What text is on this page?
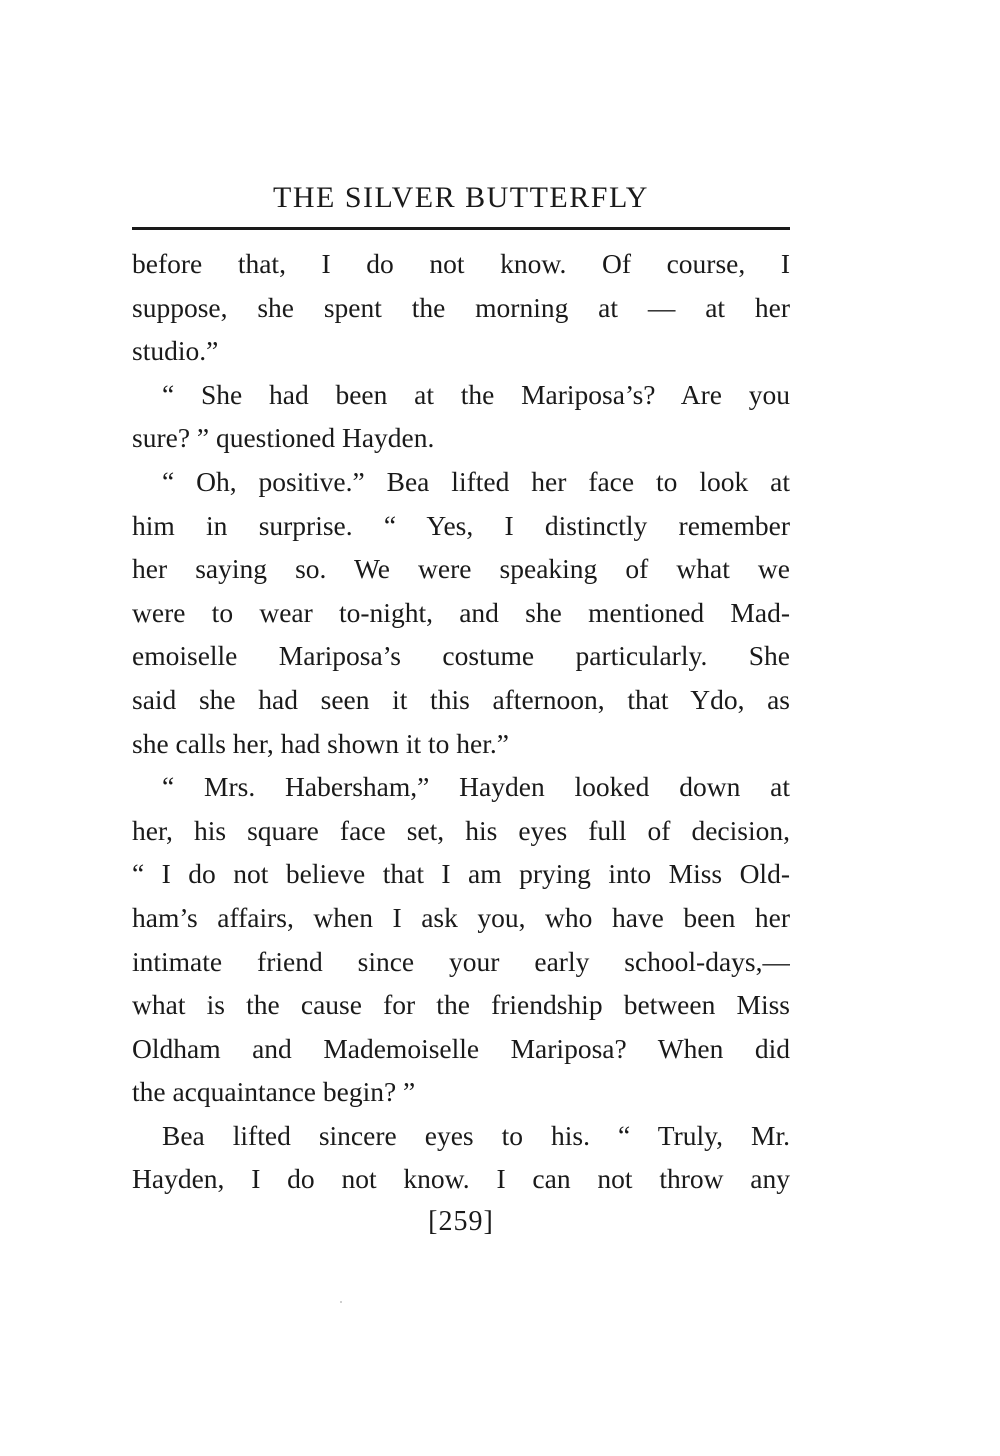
THE SILVER BUTTERFLY
before that, I do not know. Of course, I
suppose, she spent the morning at — at her
studio.”
“ She had been at the Mariposa’s? Are you
sure? ” questioned Hayden.
“ Oh, positive.” Bea lifted her face to look at
him in surprise. “ Yes, I distinctly remember
her saying so. We were speaking of what we
were to wear to-night, and she mentioned Mad-
emoiselle Mariposa’s costume particularly. She
said she had seen it this afternoon, that Ydo, as
she calls her, had shown it to her.”
“ Mrs. Habersham,” Hayden looked down at
her, his square face set, his eyes full of decision,
“ I do not believe that I am prying into Miss Old-
ham’s affairs, when I ask you, who have been her
intimate friend since your early school-days,—
what is the cause for the friendship between Miss
Oldham and Mademoiselle Mariposa? When did
the acquaintance begin? ”
Bea lifted sincere eyes to his. “ Truly, Mr.
Hayden, I do not know. I can not throw any
[259]
